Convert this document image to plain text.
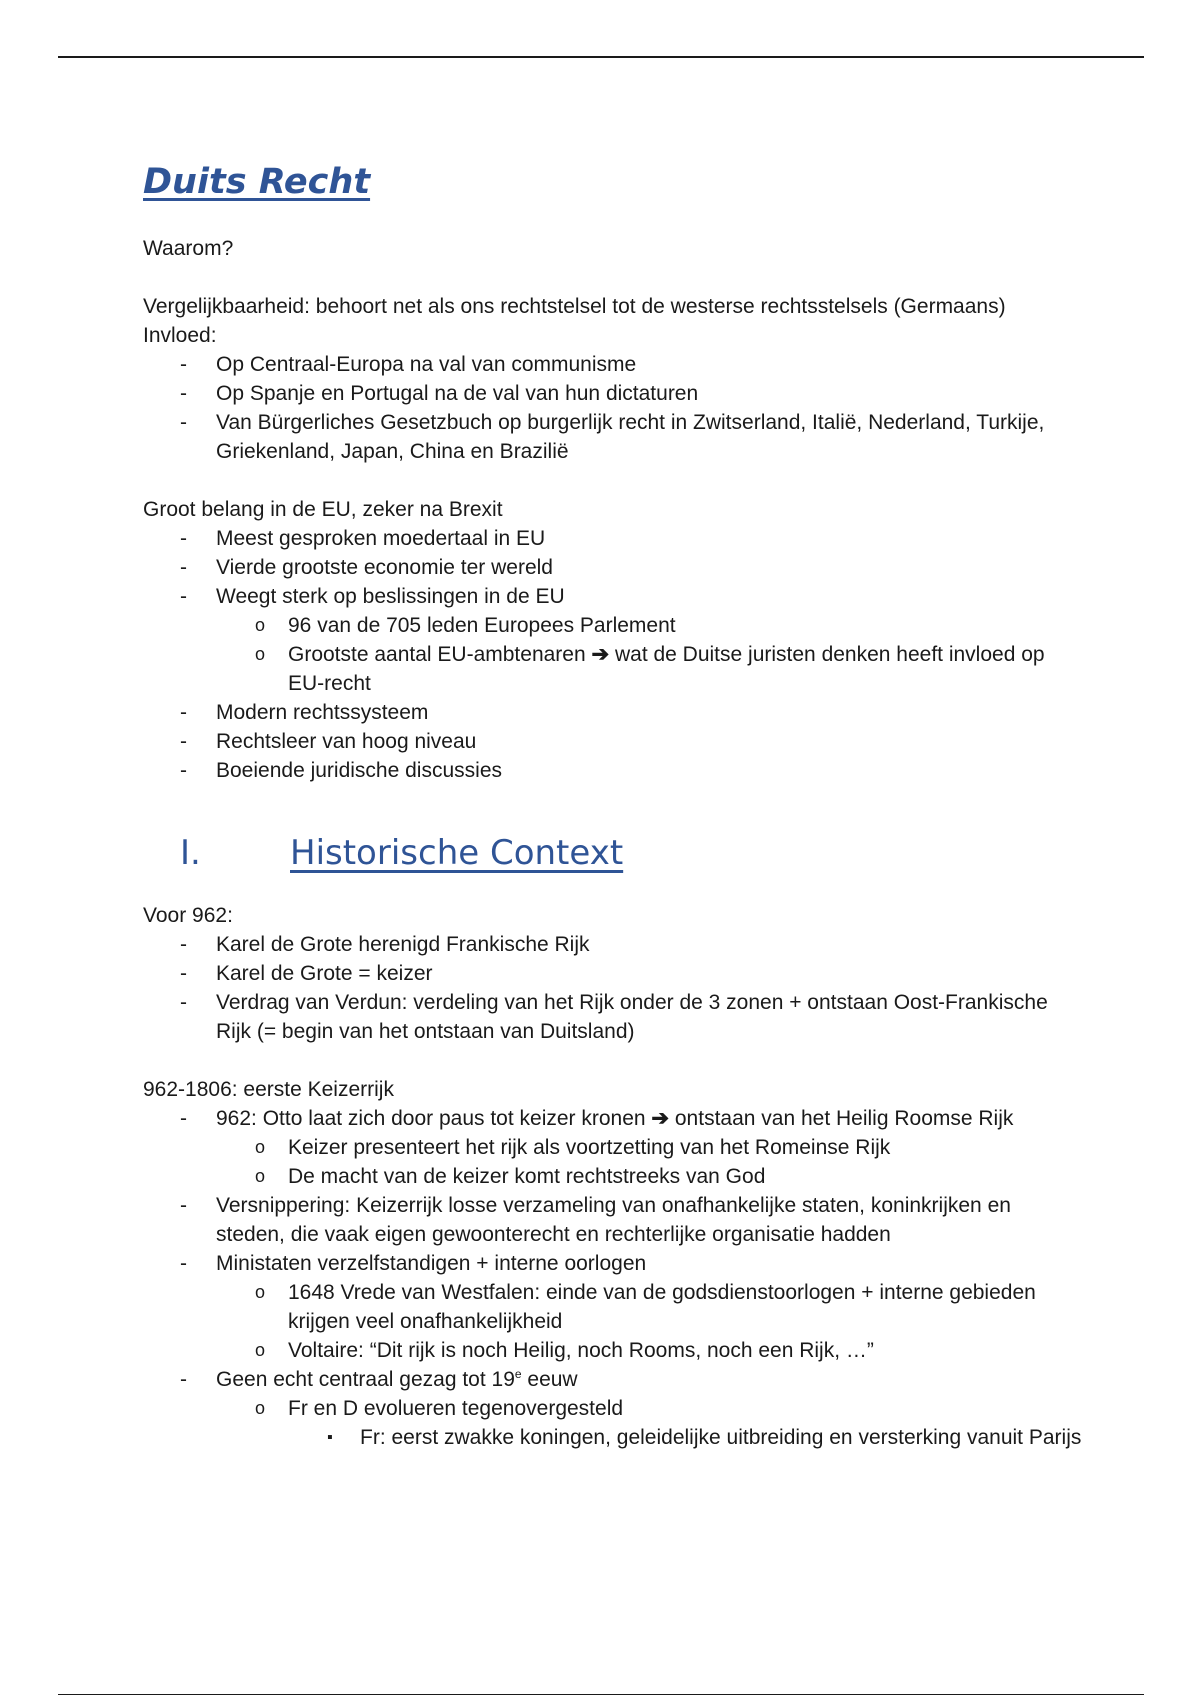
Duits Recht

Waarom?

Vergelijkbaarheid: behoort net als ons rechtstelsel tot de westerse rechtsstelsels (Germaans)

Invloed:

- Op Centraal-Europa na val van communisme
- Op Spanje en Portugal na de val van hun dictaturen
- Van Bürgerliches Gesetzbuch op burgerlijk recht in Zwitserland, Italië, Nederland, Turkije, Griekenland, Japan, China en Brazilië

Groot belang in de EU, zeker na Brexit

- Meest gesproken moedertaal in EU
- Vierde grootste economie ter wereld
- Weegt sterk op beslissingen in de EU
o 96 van de 705 leden Europees Parlement
o Grootste aantal EU-ambtenaren ➔ wat de Duitse juristen denken heeft invloed op EU-recht
- Modern rechtssysteem
- Rechtsleer van hoog niveau
- Boeiende juridische discussies
I.	Historische Context

Voor 962:

- Karel de Grote herenigd Frankische Rijk
- Karel de Grote = keizer
- Verdrag van Verdun: verdeling van het Rijk onder de 3 zonen + ontstaan Oost-Frankische Rijk (= begin van het ontstaan van Duitsland)

962-1806: eerste Keizerrijk

- 962: Otto laat zich door paus tot keizer kronen ➔ ontstaan van het Heilig Roomse Rijk
o Keizer presenteert het rijk als voortzetting van het Romeinse Rijk
o De macht van de keizer komt rechtstreeks van God
- Versnippering: Keizerrijk losse verzameling van onafhankelijke staten, koninkrijken en steden, die vaak eigen gewoonterecht en rechterlijke organisatie hadden
- Ministaten verzelfstandigen + interne oorlogen
o 1648 Vrede van Westfalen: einde van de godsdienstoorlogen + interne gebieden krijgen veel onafhankelijkheid
o Voltaire: “Dit rijk is noch Heilig, noch Rooms, noch een Rijk, …”
- Geen echt centraal gezag tot 19e eeuw
o Fr en D evolueren tegenovergesteld
▪ Fr: eerst zwakke koningen, geleidelijke uitbreiding en versterking vanuit Parijs
